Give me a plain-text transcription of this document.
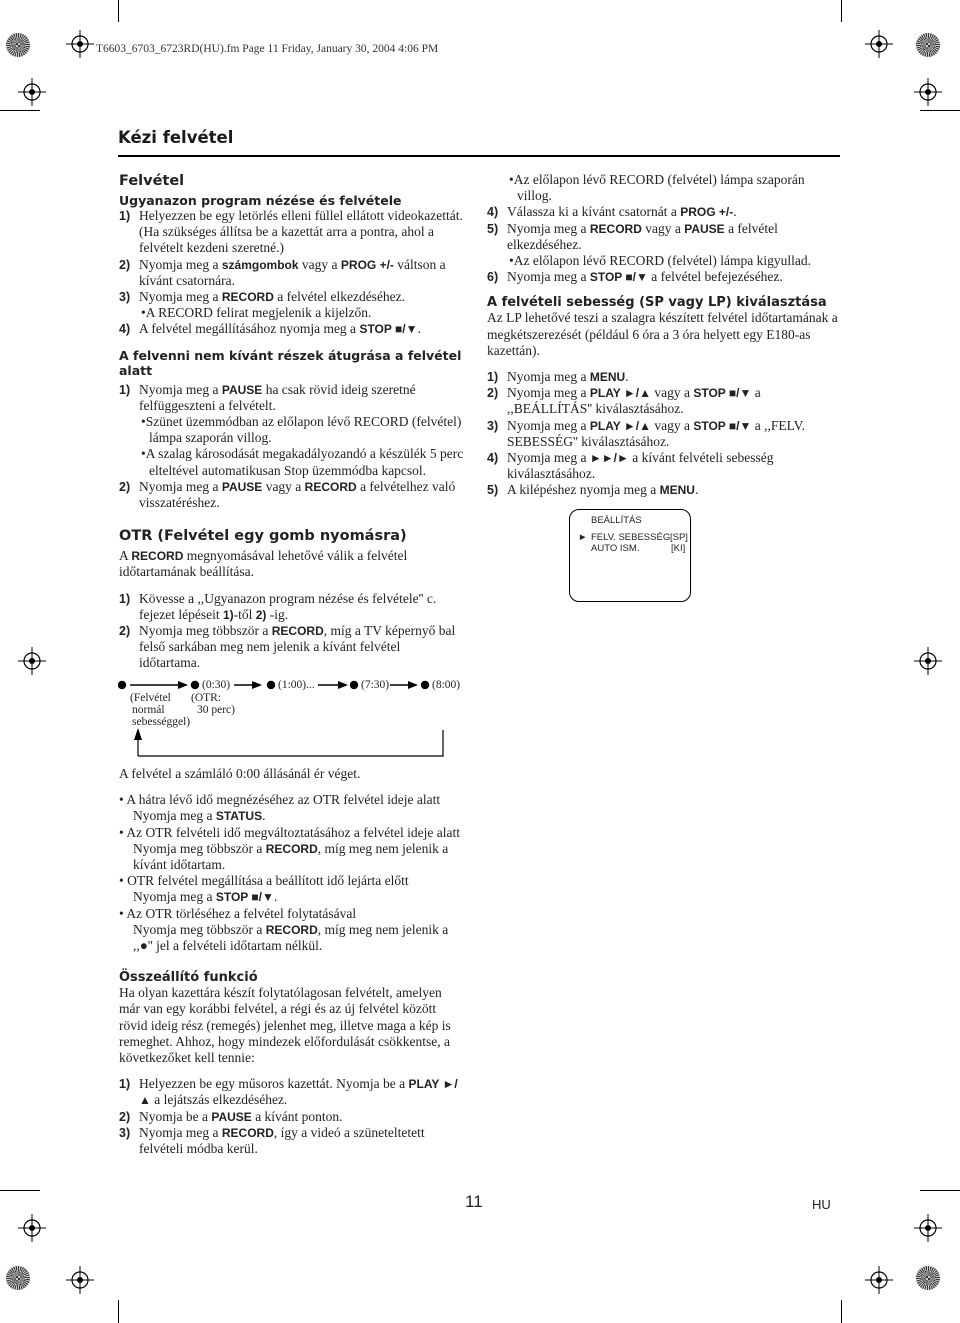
T6603_6703_6723RD(HU).fm Page 11 Friday, January 30, 2004 4:06 PM
Kézi felvétel
Felvétel
Ugyanazon program nézése és felvétele

1) Helyezzen be egy letörlés elleni füllel ellátott videokazettát. (Ha szükséges állítsa be a kazettát arra a pontra, ahol a felvételt kezdeni szeretné.)

2) Nyomja meg a számgombok vagy a PROG +/- váltson a kívánt csatornára.

3) Nyomja meg a RECORD a felvétel elkezdéséhez.

•A RECORD felirat megjelenik a kijelzőn.

4) A felvétel megállításához nyomja meg a STOP ■/▼.

A felvenni nem kívánt részek átugrása a felvétel alatt

1) Nyomja meg a PAUSE ha csak rövid ideig szeretné felfüggeszteni a felvételt.

•Szünet üzemmódban az előlapon lévő RECORD (felvétel) lámpa szaporán villog.

•A szalag károsodását megakadályozandó a készülék 5 perc elteltével automatikusan Stop üzemmódba kapcsol.

2) Nyomja meg a PAUSE vagy a RECORD a felvételhez való visszatéréshez.

OTR (Felvétel egy gomb nyomásra)

A RECORD megnyomásával lehetővé válik a felvétel időtartamának beállítása.

1) Kövesse a ,,Ugyanazon program nézése és felvétele'' c. fejezet lépéseit 1)-től 2) -ig.

2) Nyomja meg többször a RECORD, míg a TV képernyő bal felső sarkában meg nem jelenik a kívánt felvétel időtartama.

(0:30)	(1:00)...	(7:30)	(8:00)
(Felvétel
normál
sebességgel)
(OTR:
30 perc)

A felvétel a számláló 0:00 állásánál ér véget.

• A hátra lévő idő megnézéséhez az OTR felvétel ideje alatt Nyomja meg a STATUS.

• Az OTR felvételi idő megváltoztatásához a felvétel ideje alatt
Nyomja meg többször a RECORD, míg meg nem jelenik a kívánt időtartam.

• OTR felvétel megállítása a beállított idő lejárta előtt
Nyomja meg a STOP ■/▼.

• Az OTR törléséhez a felvétel folytatásával
Nyomja meg többször a RECORD, míg meg nem jelenik a ,,●'' jel a felvételi időtartam nélkül.

Összeállító funkció

Ha olyan kazettára készít folytatólagosan felvételt, amelyen már van egy korábbi felvétel, a régi és az új felvétel között rövid ideig rész (remegés) jelenhet meg, illetve maga a kép is remeghet. Ahhoz, hogy mindezek előfordulását csökkentse, a következőket kell tennie:

1) Helyezzen be egy műsoros kazettát. Nyomja be a PLAY ►/▲ a lejátszás elkezdéséhez.

2) Nyomja be a PAUSE a kívánt ponton.

3) Nyomja meg a RECORD, így a videó a szüneteltetett felvételi módba kerül.

•Az előlapon lévő RECORD (felvétel) lámpa szaporán villog.

4) Válassza ki a kívánt csatornát a PROG +/-.

5) Nyomja meg a RECORD vagy a PAUSE a felvétel elkezdéséhez.

•Az előlapon lévő RECORD (felvétel) lámpa kigyullad.

6) Nyomja meg a STOP ■/▼ a felvétel befejezéséhez.

A felvételi sebesség (SP vagy LP) kiválasztása

Az LP lehetővé teszi a szalagra készített felvétel időtartamának a megkétszerezését (például 6 óra a 3 óra helyett egy E180-as kazettán).

1) Nyomja meg a MENU.

2) Nyomja meg a PLAY ►/▲ vagy a STOP ■/▼ a ,,BEÁLLÍTÁS'' kiválasztásához.

3) Nyomja meg a PLAY ►/▲ vagy a STOP ■/▼ a ,,FELV. SEBESSÉG'' kiválasztásához.

4) Nyomja meg a ►►/► a kívánt felvételi sebesség kiválasztásához.

5) A kilépéshez nyomja meg a MENU.

BEÁLLÍTÁS
► FELV. SEBESSÉG [SP]
AUTO ISM.	[KI]
11	HU
